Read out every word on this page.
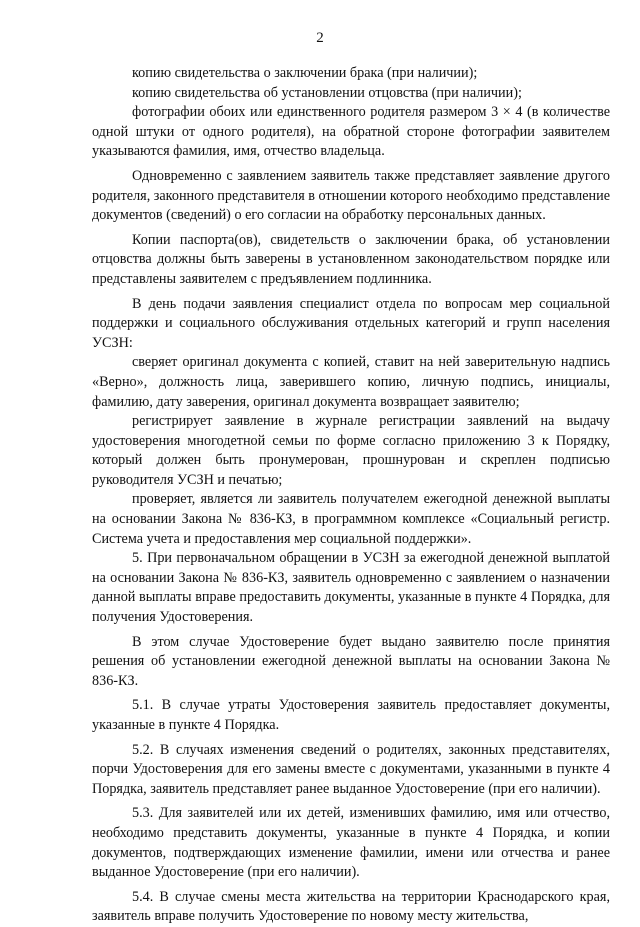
2

копию свидетельства о заключении брака (при наличии);

копию свидетельства об установлении отцовства (при наличии);

фотографии обоих или единственного родителя размером 3 × 4 (в количестве одной штуки от одного родителя), на обратной стороне фотографии заявителем указываются фамилия, имя, отчество владельца.

Одновременно с заявлением заявитель также представляет заявление другого родителя, законного представителя в отношении которого необходимо представление документов (сведений) о его согласии на обработку персональных данных.

Копии паспорта(ов), свидетельств о заключении брака, об установлении отцовства должны быть заверены в установленном законодательством порядке или представлены заявителем с предъявлением подлинника.

В день подачи заявления специалист отдела по вопросам мер социальной поддержки и социального обслуживания отдельных категорий и групп населения УСЗН:

сверяет оригинал документа с копией, ставит на ней заверительную надпись «Верно», должность лица, заверившего копию, личную подпись, инициалы, фамилию, дату заверения, оригинал документа возвращает заявителю;

регистрирует заявление в журнале регистрации заявлений на выдачу удостоверения многодетной семьи по форме согласно приложению 3 к Порядку, который должен быть пронумерован, прошнурован и скреплен подписью руководителя УСЗН и печатью;

проверяет, является ли заявитель получателем ежегодной денежной выплаты на основании Закона № 836-КЗ, в программном комплексе «Социальный регистр. Система учета и предоставления мер социальной поддержки».

5. При первоначальном обращении в УСЗН за ежегодной денежной выплатой на основании Закона № 836-КЗ, заявитель одновременно с заявлением о назначении данной выплаты вправе предоставить документы, указанные в пункте 4 Порядка, для получения Удостоверения.

В этом случае Удостоверение будет выдано заявителю после принятия решения об установлении ежегодной денежной выплаты на основании Закона № 836-КЗ.

5.1. В случае утраты Удостоверения заявитель предоставляет документы, указанные в пункте 4 Порядка.

5.2. В случаях изменения сведений о родителях, законных представителях, порчи Удостоверения для его замены вместе с документами, указанными в пункте 4 Порядка, заявитель представляет ранее выданное Удостоверение (при его наличии).

5.3. Для заявителей или их детей, изменивших фамилию, имя или отчество, необходимо представить документы, указанные в пункте 4 Порядка, и копии документов, подтверждающих изменение фамилии, имени или отчества и ранее выданное Удостоверение (при его наличии).

5.4. В случае смены места жительства на территории Краснодарского края, заявитель вправе получить Удостоверение по новому месту жительства,
